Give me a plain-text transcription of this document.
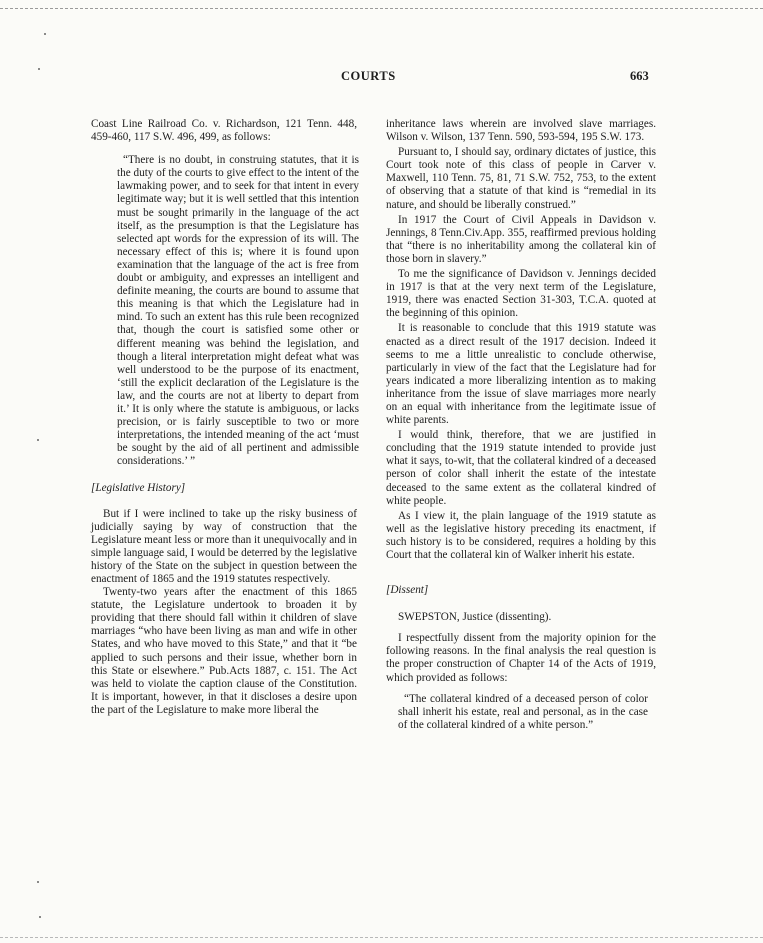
COURTS	663

Coast Line Railroad Co. v. Richardson, 121 Tenn. 448, 459-460, 117 S.W. 496, 499, as follows:

“There is no doubt, in construing statutes, that it is the duty of the courts to give effect to the intent of the lawmaking power, and to seek for that intent in every legitimate way; but it is well settled that this intention must be sought primarily in the language of the act itself, as the presumption is that the Legislature has selected apt words for the expression of its will. The necessary effect of this is; where it is found upon examination that the language of the act is free from doubt or ambiguity, and expresses an intelligent and definite meaning, the courts are bound to assume that this meaning is that which the Legislature had in mind. To such an extent has this rule been recognized that, though the court is satisfied some other or different meaning was behind the legislation, and though a literal interpretation might defeat what was well understood to be the purpose of its enactment, ‘still the explicit declaration of the Legislature is the law, and the courts are not at liberty to depart from it.’ It is only where the statute is ambiguous, or lacks precision, or is fairly susceptible to two or more interpretations, the intended meaning of the act ‘must be sought by the aid of all pertinent and admissible considerations.’ ”

[Legislative History]

But if I were inclined to take up the risky business of judicially saying by way of construction that the Legislature meant less or more than it unequivocally and in simple language said, I would be deterred by the legislative history of the State on the subject in question between the enactment of 1865 and the 1919 statutes respectively.

Twenty-two years after the enactment of this 1865 statute, the Legislature undertook to broaden it by providing that there should fall within it children of slave marriages “who have been living as man and wife in other States, and who have moved to this State,” and that it “be applied to such persons and their issue, whether born in this State or elsewhere.” Pub.Acts 1887, c. 151. The Act was held to violate the caption clause of the Constitution. It is important, however, in that it discloses a desire upon the part of the Legislature to make more liberal the

inheritance laws wherein are involved slave marriages. Wilson v. Wilson, 137 Tenn. 590, 593-594, 195 S.W. 173.

Pursuant to, I should say, ordinary dictates of justice, this Court took note of this class of people in Carver v. Maxwell, 110 Tenn. 75, 81, 71 S.W. 752, 753, to the extent of observing that a statute of that kind is “remedial in its nature, and should be liberally construed.”

In 1917 the Court of Civil Appeals in Davidson v. Jennings, 8 Tenn.Civ.App. 355, reaffirmed previous holding that “there is no inheritability among the collateral kin of those born in slavery.”

To me the significance of Davidson v. Jennings decided in 1917 is that at the very next term of the Legislature, 1919, there was enacted Section 31-303, T.C.A. quoted at the beginning of this opinion.

It is reasonable to conclude that this 1919 statute was enacted as a direct result of the 1917 decision. Indeed it seems to me a little unrealistic to conclude otherwise, particularly in view of the fact that the Legislature had for years indicated a more liberalizing intention as to making inheritance from the issue of slave marriages more nearly on an equal with inheritance from the legitimate issue of white parents.

I would think, therefore, that we are justified in concluding that the 1919 statute intended to provide just what it says, to-wit, that the collateral kindred of a deceased person of color shall inherit the estate of the intestate deceased to the same extent as the collateral kindred of white people.

As I view it, the plain language of the 1919 statute as well as the legislative history preceding its enactment, if such history is to be considered, requires a holding by this Court that the collateral kin of Walker inherit his estate.

[Dissent]

SWEPSTON, Justice (dissenting).

I respectfully dissent from the majority opinion for the following reasons. In the final analysis the real question is the proper construction of Chapter 14 of the Acts of 1919, which provided as follows:

“The collateral kindred of a deceased person of color shall inherit his estate, real and personal, as in the case of the collateral kindred of a white person.”
